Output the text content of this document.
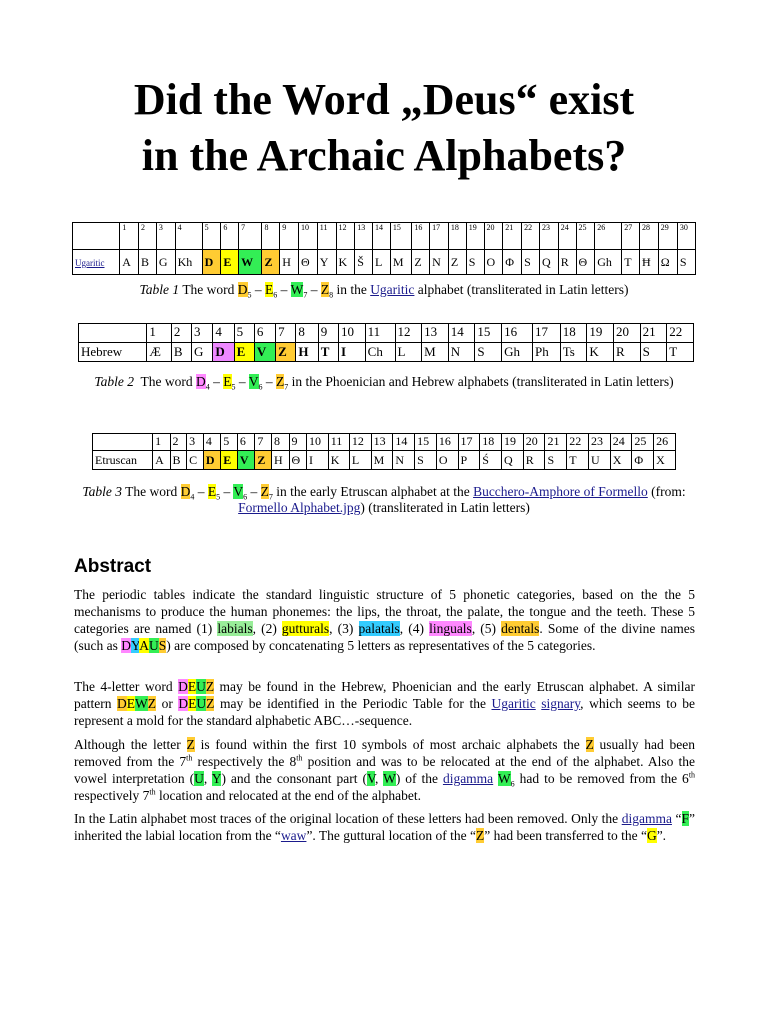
Did the Word „Deus“ exist
in the Archaic Alphabets?
	1	2	3	4	5	6	7	8	9	10	11	12	13	14	15	16	17	18	19	20	21	22	23	24	25	26	27	28	29	30
Ugaritic	A	B	G	Kh	D	E	W	Z	H	Θ	Y	K	Š	L	M	Z	N	Z	S	O	Φ	S	Q	R	Θ	Gh	T	Ħ	Ω	S
Table 1 The word $D_5 - E_6 - W_7 - Z_8$ in the Ugaritic alphabet (transliterated in Latin letters)
	1	2	3	4	5	6	7	8	9	10	11	12	13	14	15	16	17	18	19	20	21	22
Hebrew	Æ	B	G	D	E	V	Z	H	T	I	Ch	L	M	N	S	Gh	Ph	Ts	K	R	S	T
Table 2 The word $D_4 - E_5 - V_6 - Z_7$ in the Phoenician and Hebrew alphabets (transliterated in Latin letters)
	1	2	3	4	5	6	7	8	9	10	11	12	13	14	15	16	17	18	19	20	21	22	23	24	25	26
Etruscan	A	B	C	D	E	V	Z	H	Θ	I	K	L	M	N	S	O	P	Ś	Q	R	S	T	U	X	Φ	X
Table 3 The word $D_4 - E_5 - V_6 - Z_7$ in the early Etruscan alphabet at the Bucchero-Amphore of Formello (from: Formello Alphabet.jpg) (transliterated in Latin letters)
Abstract
The periodic tables indicate the standard linguistic structure of 5 phonetic categories, based on the the 5 mechanisms to produce the human phonemes: the lips, the throat, the palate, the tongue and the teeth. These 5 categories are named (1) labials, (2) gutturals, (3) palatals, (4) linguals, (5) dentals. Some of the divine names (such as DYAUS) are composed by concatenating 5 letters as representatives of the 5 categories.
The 4-letter word DEUZ may be found in the Hebrew, Phoenician and the early Etruscan alphabet. A similar pattern DEWZ or DEUZ may be identified in the Periodic Table for the Ugaritic signary, which seems to be represent a mold for the standard alphabetic ABC…-sequence.
Although the letter Z is found within the first 10 symbols of most archaic alphabets the Z usually had been removed from the 7th respectively the 8th position and was to be relocated at the end of the alphabet. Also the vowel interpretation (U, Y) and the consonant part (V, W) of the digamma $W_6$ had to be removed from the 6th respectively 7th location and relocated at the end of the alphabet.
In the Latin alphabet most traces of the original location of these letters had been removed. Only the digamma “F” inherited the labial location from the “waw”. The guttural location of the “Z” had been transferred to the “G”.
